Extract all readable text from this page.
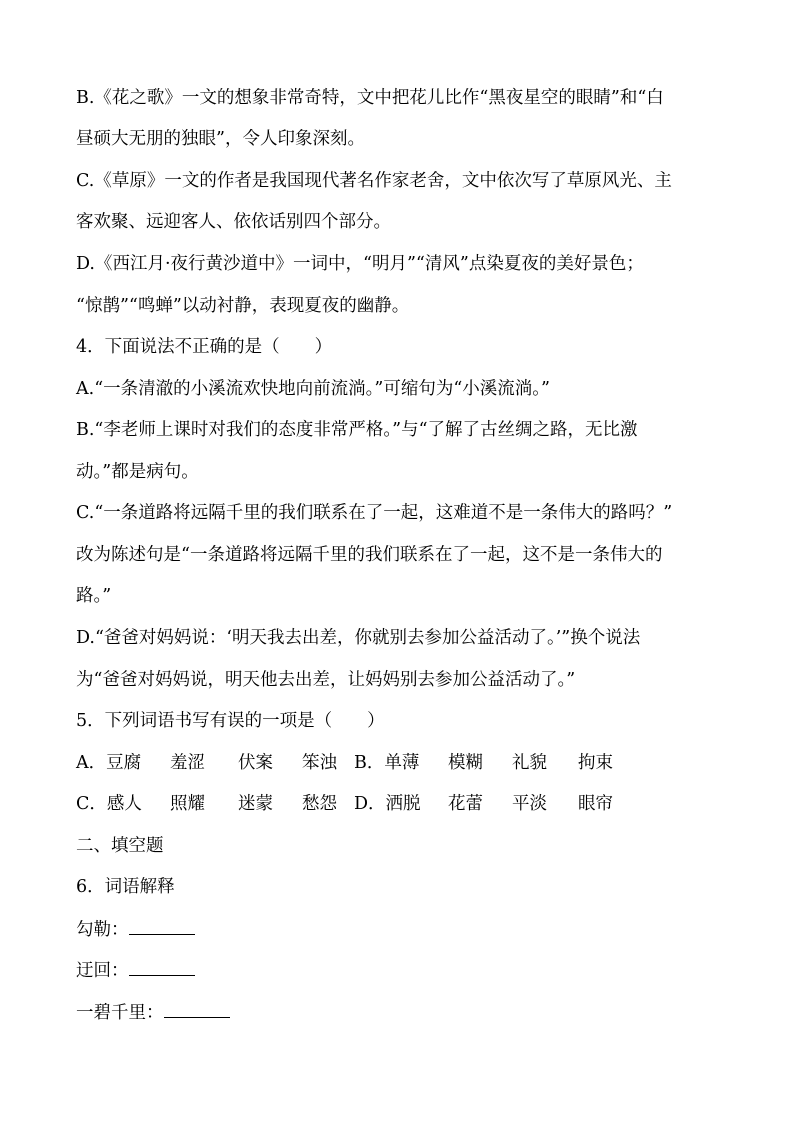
B.《花之歌》一文的想象非常奇特，文中把花儿比作“黑夜星空的眼睛”和“白
昼硕大无朋的独眼”，令人印象深刻。
C.《草原》一文的作者是我国现代著名作家老舍，文中依次写了草原风光、主
客欢聚、远迎客人、依依话别四个部分。
D.《西江月·夜行黄沙道中》一词中，“明月”“清风”点染夏夜的美好景色；
“惊鹊”“鸣蝉”以动衬静，表现夏夜的幽静。
4．下面说法不正确的是（　　）
A.“一条清澈的小溪流欢快地向前流淌。”可缩句为“小溪流淌。”
B.“李老师上课时对我们的态度非常严格。”与“了解了古丝绸之路，无比激
动。”都是病句。
C.“一条道路将远隔千里的我们联系在了一起，这难道不是一条伟大的路吗？”
改为陈述句是“一条道路将远隔千里的我们联系在了一起，这不是一条伟大的
路。”
D.“爸爸对妈妈说：‘明天我去出差，你就别去参加公益活动了。’”换个说法
为“爸爸对妈妈说，明天他去出差，让妈妈别去参加公益活动了。”
5．下列词语书写有误的一项是（　　）
A．豆腐 羞涩 伏案 笨浊 B．单薄 模糊 礼貌 拘束
C．感人 照耀 迷蒙 愁怨 D．洒脱 花蕾 平淡 眼帘
二、填空题
6．词语解释
勾勒：
迂回：
一碧千里：
